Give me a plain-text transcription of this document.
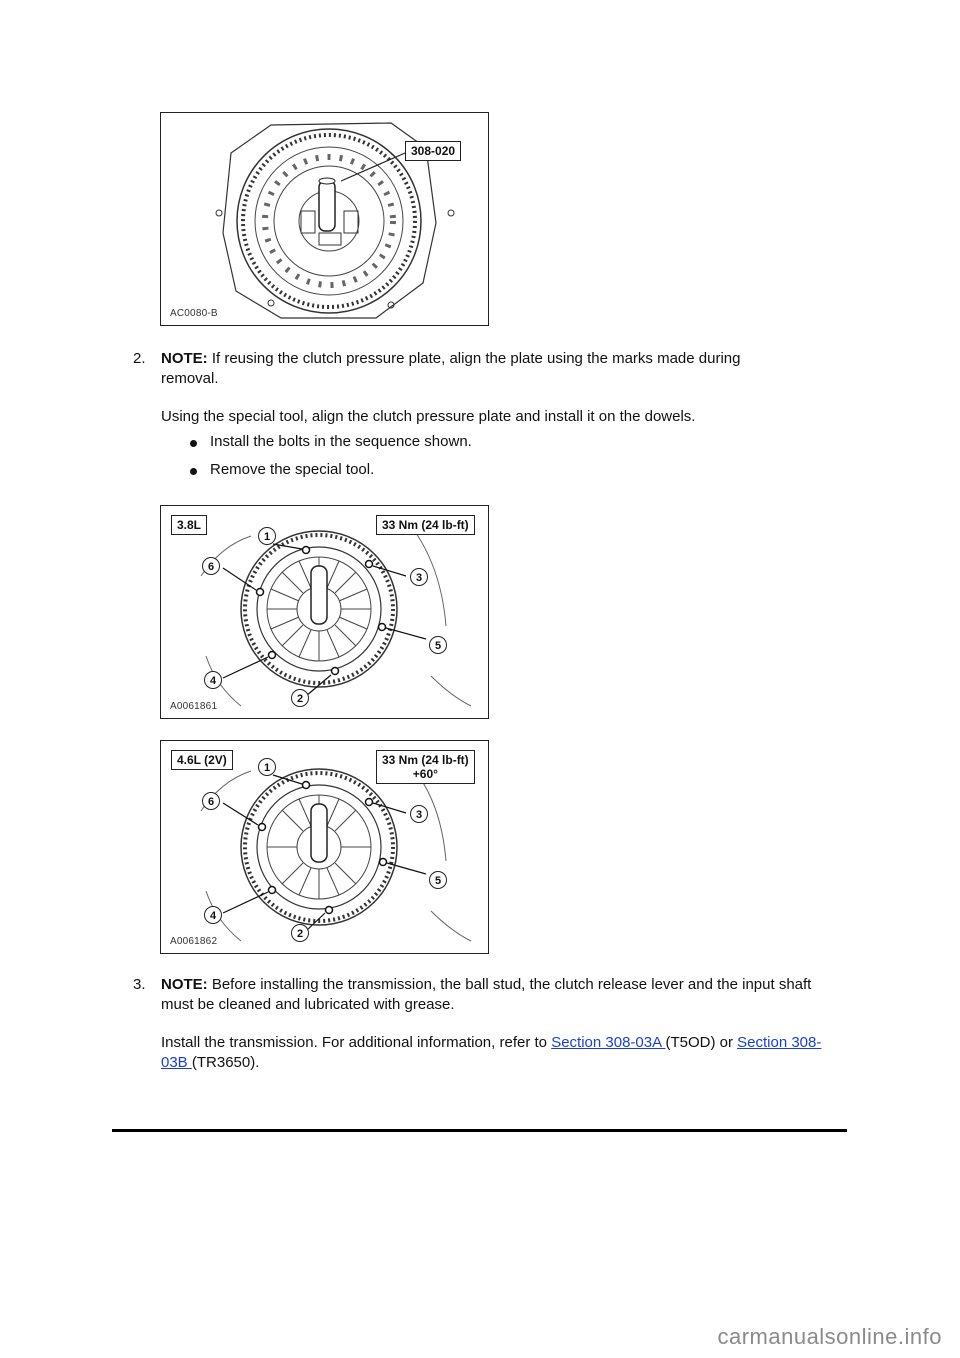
308-020
AC0080-B
2. NOTE: If reusing the clutch pressure plate, align the plate using the marks made during removal.

Using the special tool, align the clutch pressure plate and install it on the dowels.

Install the bolts in the sequence shown.
Remove the special tool.
3.8L	33 Nm (24 lb-ft)
1
2
3
4
5
6
A0061861
4.6L (2V)	33 Nm (24 lb-ft)
+60°
1
2
3
4
5
6
A0061862
3. NOTE: Before installing the transmission, the ball stud, the clutch release lever and the input shaft must be cleaned and lubricated with grease.

Install the transmission. For additional information, refer to Section 308-03A (T5OD) or Section 308-03B (TR3650).

carmanualsonline.info
